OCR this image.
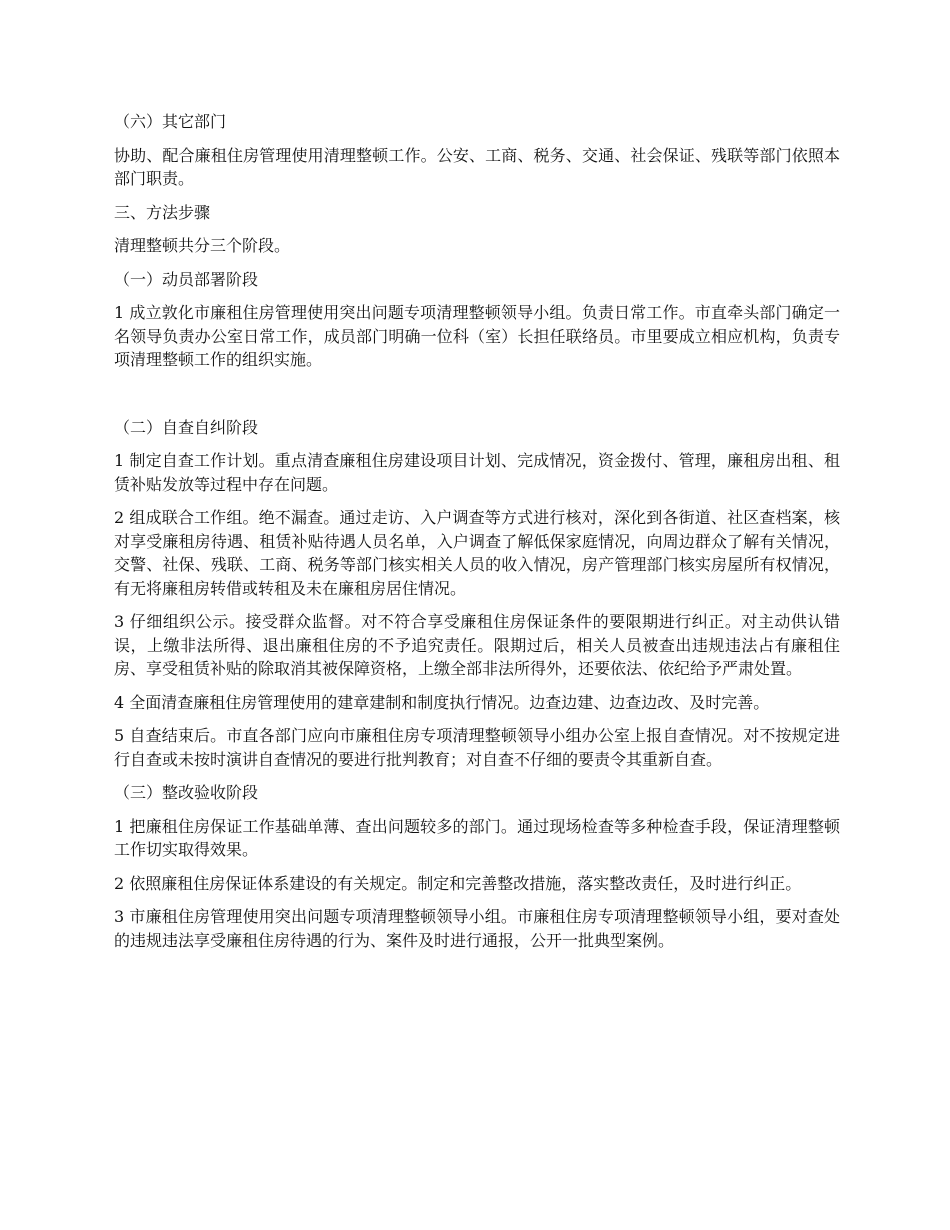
（六）其它部门

协助、配合廉租住房管理使用清理整顿工作。公安、工商、税务、交通、社会保证、残联等部门依照本部门职责。

三、方法步骤

清理整顿共分三个阶段。

（一）动员部署阶段

1 成立敦化市廉租住房管理使用突出问题专项清理整顿领导小组。负责日常工作。市直牵头部门确定一名领导负责办公室日常工作，成员部门明确一位科（室）长担任联络员。市里要成立相应机构，负责专项清理整顿工作的组织实施。

（二）自查自纠阶段

1 制定自查工作计划。重点清查廉租住房建设项目计划、完成情况，资金拨付、管理，廉租房出租、租赁补贴发放等过程中存在问题。

2 组成联合工作组。绝不漏查。通过走访、入户调查等方式进行核对，深化到各街道、社区查档案，核对享受廉租房待遇、租赁补贴待遇人员名单，入户调查了解低保家庭情况，向周边群众了解有关情况，交警、社保、残联、工商、税务等部门核实相关人员的收入情况，房产管理部门核实房屋所有权情况，有无将廉租房转借或转租及未在廉租房居住情况。

3 仔细组织公示。接受群众监督。对不符合享受廉租住房保证条件的要限期进行纠正。对主动供认错误，上缴非法所得、退出廉租住房的不予追究责任。限期过后，相关人员被查出违规违法占有廉租住房、享受租赁补贴的除取消其被保障资格，上缴全部非法所得外，还要依法、依纪给予严肃处置。

4 全面清查廉租住房管理使用的建章建制和制度执行情况。边查边建、边查边改、及时完善。

5 自查结束后。市直各部门应向市廉租住房专项清理整顿领导小组办公室上报自查情况。对不按规定进行自查或未按时演讲自查情况的要进行批判教育；对自查不仔细的要责令其重新自查。

（三）整改验收阶段

1 把廉租住房保证工作基础单薄、查出问题较多的部门。通过现场检查等多种检查手段，保证清理整顿工作切实取得效果。

2 依照廉租住房保证体系建设的有关规定。制定和完善整改措施，落实整改责任，及时进行纠正。

3 市廉租住房管理使用突出问题专项清理整顿领导小组。市廉租住房专项清理整顿领导小组，要对查处的违规违法享受廉租住房待遇的行为、案件及时进行通报，公开一批典型案例。
